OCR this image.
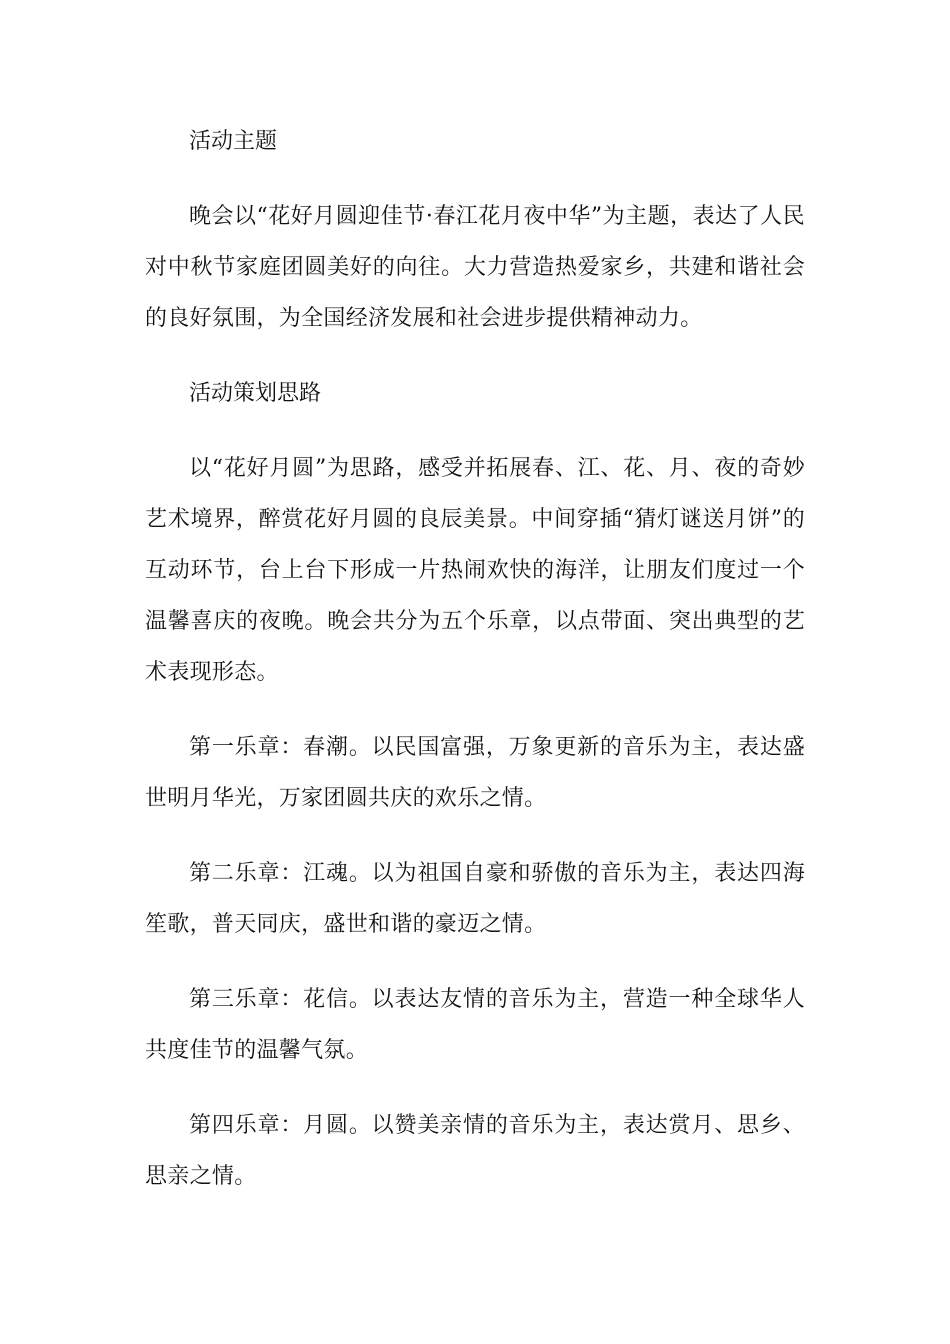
活动主题

晚会以“花好月圆迎佳节·春江花月夜中华”为主题，表达了人民对中秋节家庭团圆美好的向往。大力营造热爱家乡，共建和谐社会的良好氛围，为全国经济发展和社会进步提供精神动力。

活动策划思路

以“花好月圆”为思路，感受并拓展春、江、花、月、夜的奇妙艺术境界，醉赏花好月圆的良辰美景。中间穿插“猜灯谜送月饼”的互动环节，台上台下形成一片热闹欢快的海洋，让朋友们度过一个温馨喜庆的夜晚。晚会共分为五个乐章，以点带面、突出典型的艺术表现形态。

第一乐章：春潮。以民国富强，万象更新的音乐为主，表达盛世明月华光，万家团圆共庆的欢乐之情。

第二乐章：江魂。以为祖国自豪和骄傲的音乐为主，表达四海笙歌，普天同庆，盛世和谐的豪迈之情。

第三乐章：花信。以表达友情的音乐为主，营造一种全球华人共度佳节的温馨气氛。

第四乐章：月圆。以赞美亲情的音乐为主，表达赏月、思乡、思亲之情。
